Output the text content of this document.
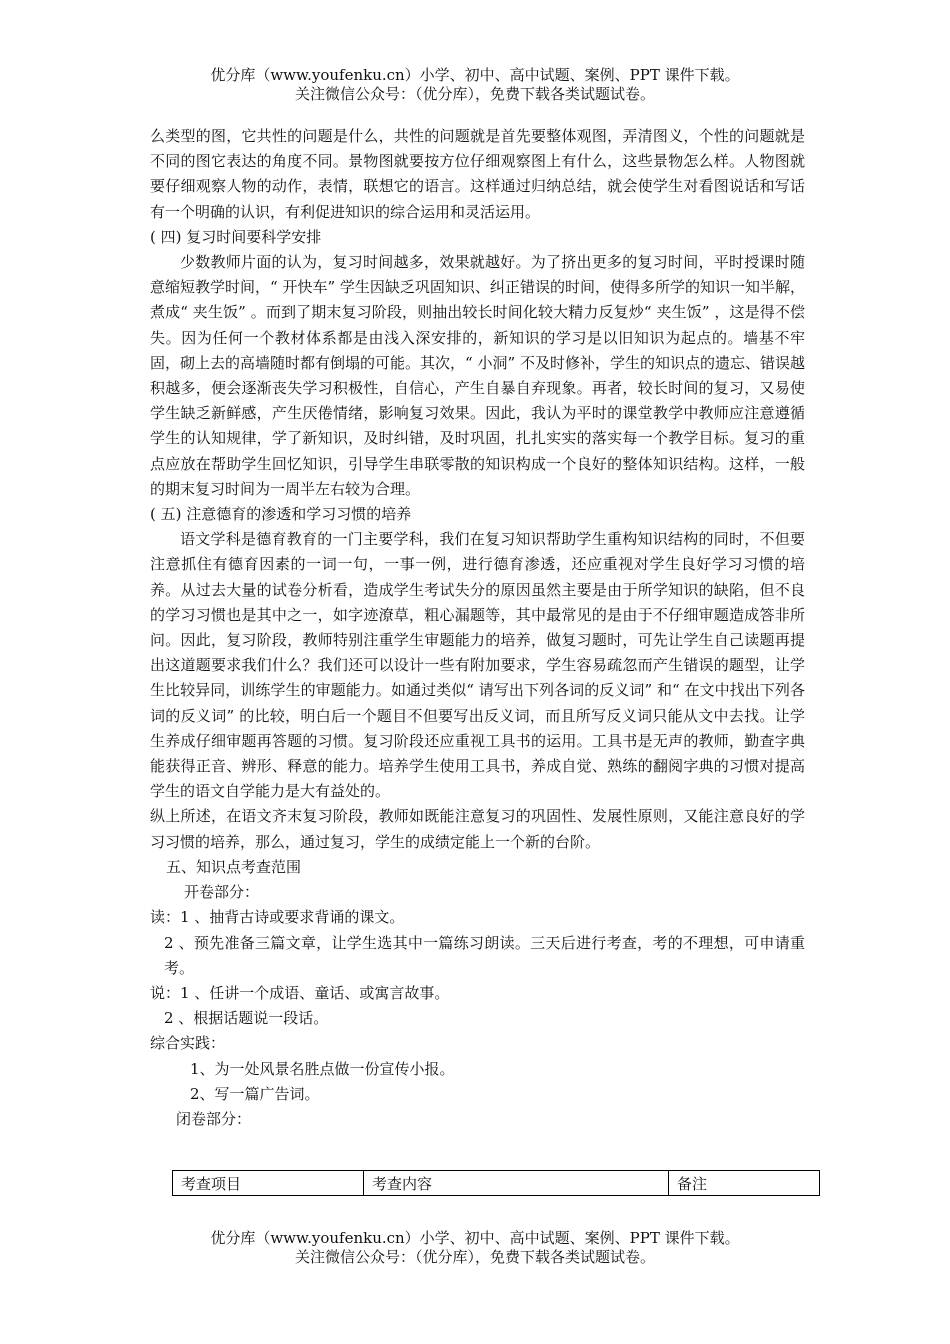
优分库（www.youfenku.cn）小学、初中、高中试题、案例、PPT 课件下载。
关注微信公众号：（优分库），免费下载各类试题试卷。

么类型的图，它共性的问题是什么，共性的问题就是首先要整体观图，弄清图义，个性的问题就是不同的图它表达的角度不同。景物图就要按方位仔细观察图上有什么，这些景物怎么样。人物图就要仔细观察人物的动作，表情，联想它的语言。这样通过归纳总结，就会使学生对看图说话和写话有一个明确的认识，有利促进知识的综合运用和灵活运用。

( 四) 复习时间要科学安排

少数教师片面的认为，复习时间越多，效果就越好。为了挤出更多的复习时间，平时授课时随意缩短教学时间，“ 开快车” 学生因缺乏巩固知识、纠正错误的时间，使得多所学的知识一知半解，煮成“ 夹生饭” 。而到了期末复习阶段，则抽出较长时间化较大精力反复炒“ 夹生饭” ，这是得不偿失。因为任何一个教材体系都是由浅入深安排的，新知识的学习是以旧知识为起点的。墙基不牢固，砌上去的高墙随时都有倒塌的可能。其次，“ 小洞” 不及时修补，学生的知识点的遗忘、错误越积越多，便会逐渐丧失学习积极性，自信心，产生自暴自弃现象。再者，较长时间的复习，又易使学生缺乏新鲜感，产生厌倦情绪，影响复习效果。因此，我认为平时的课堂教学中教师应注意遵循学生的认知规律，学了新知识，及时纠错，及时巩固，扎扎实实的落实每一个教学目标。复习的重点应放在帮助学生回忆知识，引导学生串联零散的知识构成一个良好的整体知识结构。这样，一般的期末复习时间为一周半左右较为合理。

( 五) 注意德育的渗透和学习习惯的培养

语文学科是德育教育的一门主要学科，我们在复习知识帮助学生重构知识结构的同时，不但要注意抓住有德育因素的一词一句，一事一例，进行德育渗透，还应重视对学生良好学习习惯的培养。从过去大量的试卷分析看，造成学生考试失分的原因虽然主要是由于所学知识的缺陷，但不良的学习习惯也是其中之一，如字迹潦草，粗心漏题等，其中最常见的是由于不仔细审题造成答非所问。因此，复习阶段，教师特别注重学生审题能力的培养，做复习题时，可先让学生自己读题再提出这道题要求我们什么？我们还可以设计一些有附加要求，学生容易疏忽而产生错误的题型，让学生比较异同，训练学生的审题能力。如通过类似“ 请写出下列各词的反义词” 和“ 在文中找出下列各词的反义词” 的比较，明白后一个题目不但要写出反义词，而且所写反义词只能从文中去找。让学生养成仔细审题再答题的习惯。复习阶段还应重视工具书的运用。工具书是无声的教师，勤查字典能获得正音、辨形、释意的能力。培养学生使用工具书，养成自觉、熟练的翻阅字典的习惯对提高学生的语文自学能力是大有益处的。

纵上所述，在语文齐末复习阶段，教师如既能注意复习的巩固性、发展性原则，又能注意良好的学习习惯的培养，那么，通过复习，学生的成绩定能上一个新的台阶。

五、知识点考查范围

开卷部分：

读：1 、抽背古诗或要求背诵的课文。

2 、预先准备三篇文章，让学生选其中一篇练习朗读。三天后进行考查，考的不理想，可申请重考。

说：1 、任讲一个成语、童话、或寓言故事。

2 、根据话题说一段话。

综合实践：

1、为一处风景名胜点做一份宣传小报。

2、写一篇广告词。

闭卷部分：

考查项目	考查内容	备注
优分库（www.youfenku.cn）小学、初中、高中试题、案例、PPT 课件下载。
关注微信公众号：（优分库），免费下载各类试题试卷。
